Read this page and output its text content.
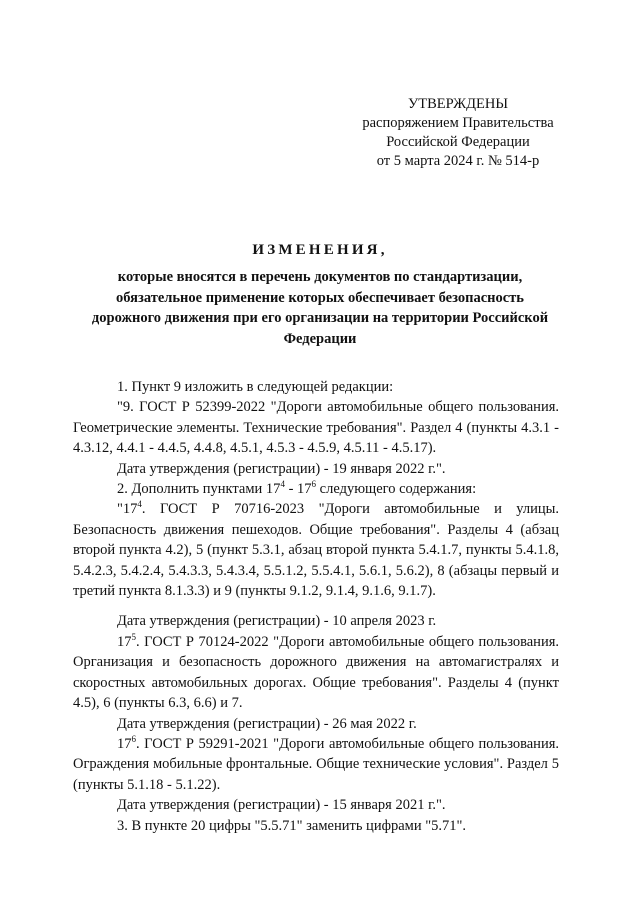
УТВЕРЖДЕНЫ
распоряжением Правительства
Российской Федерации
от 5 марта 2024 г. № 514-р
ИЗМЕНЕНИЯ,
которые вносятся в перечень документов по стандартизации, обязательное применение которых обеспечивает безопасность дорожного движения при его организации на территории Российской Федерации

1. Пункт 9 изложить в следующей редакции:

"9. ГОСТ Р 52399-2022 "Дороги автомобильные общего пользования. Геометрические элементы. Технические требования". Раздел 4 (пункты 4.3.1 - 4.3.12, 4.4.1 - 4.4.5, 4.4.8, 4.5.1, 4.5.3 - 4.5.9, 4.5.11 - 4.5.17).

Дата утверждения (регистрации) - 19 января 2022 г.".

2. Дополнить пунктами $17^4 - 17^6$ следующего содержания:

"$17^4$. ГОСТ Р 70716-2023 "Дороги автомобильные и улицы. Безопасность движения пешеходов. Общие требования". Разделы 4 (абзац второй пункта 4.2), 5 (пункт 5.3.1, абзац второй пункта 5.4.1.7, пункты 5.4.1.8, 5.4.2.3, 5.4.2.4, 5.4.3.3, 5.4.3.4, 5.5.1.2, 5.5.4.1, 5.6.1, 5.6.2), 8 (абзацы первый и третий пункта 8.1.3.3) и 9 (пункты 9.1.2, 9.1.4, 9.1.6, 9.1.7).

Дата утверждения (регистрации) - 10 апреля 2023 г.

$17^5$. ГОСТ Р 70124-2022 "Дороги автомобильные общего пользования. Организация и безопасность дорожного движения на автомагистралях и скоростных автомобильных дорогах. Общие требования". Разделы 4 (пункт 4.5), 6 (пункты 6.3, 6.6) и 7.

Дата утверждения (регистрации) - 26 мая 2022 г.

$17^6$. ГОСТ Р 59291-2021 "Дороги автомобильные общего пользования. Ограждения мобильные фронтальные. Общие технические условия". Раздел 5 (пункты 5.1.18 - 5.1.22).

Дата утверждения (регистрации) - 15 января 2021 г.".

3. В пункте 20 цифры "5.5.71" заменить цифрами "5.71".
